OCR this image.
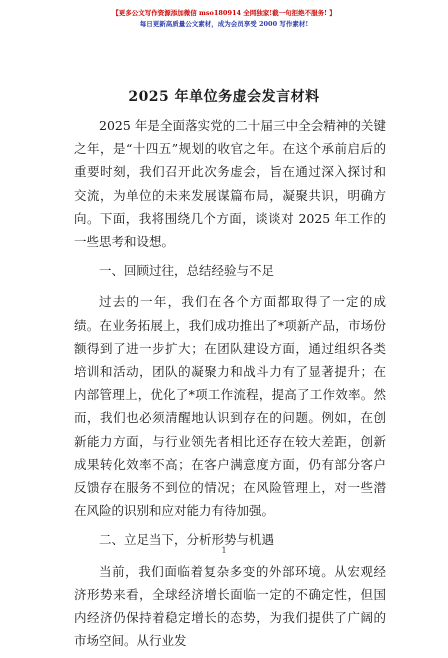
【更多公文写作资源添加微信 mso180914 全网独家!截一句拒绝不服务! 】
每日更新高质量公文素材，成为会员享受 2000 写作素材!
2025 年单位务虚会发言材料

2025 年是全面落实党的二十届三中全会精神的关键之年，是“十四五”规划的收官之年。在这个承前启后的重要时刻，我们召开此次务虚会，旨在通过深入探讨和交流，为单位的未来发展谋篇布局，凝聚共识，明确方向。下面，我将围绕几个方面，谈谈对 2025 年工作的一些思考和设想。

一、回顾过往，总结经验与不足

过去的一年，我们在各个方面都取得了一定的成绩。在业务拓展上，我们成功推出了*项新产品，市场份额得到了进一步扩大；在团队建设方面，通过组织各类培训和活动，团队的凝聚力和战斗力有了显著提升；在内部管理上，优化了*项工作流程，提高了工作效率。然而，我们也必须清醒地认识到存在的问题。例如，在创新能力方面，与行业领先者相比还存在较大差距，创新成果转化效率不高；在客户满意度方面，仍有部分客户反馈存在服务不到位的情况；在风险管理上，对一些潜在风险的识别和应对能力有待加强。

二、立足当下，分析形势与机遇

当前，我们面临着复杂多变的外部环境。从宏观经济形势来看，全球经济增长面临一定的不确定性，但国内经济仍保持着稳定增长的态势，为我们提供了广阔的市场空间。从行业发

1
